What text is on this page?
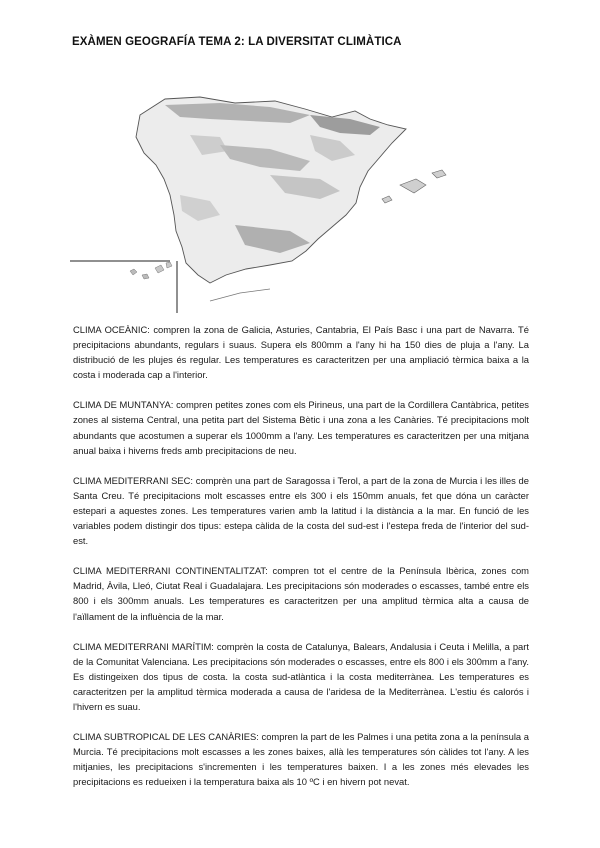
EXÀMEN GEOGRAFÍA TEMA 2: LA DIVERSITAT CLIMÀTICA

CLIMA OCEÀNIC: compren la zona de Galicia, Asturies, Cantabria, El País Basc i una part de Navarra. Té precipitacions abundants, regulars i suaus. Supera els 800mm a l'any hi ha 150 dies de pluja a l'any. La distribució de les plujes és regular. Les temperatures es caracteritzen per una ampliació tèrmica baixa a la costa i moderada cap a l'interior.

CLIMA DE MUNTANYA: compren petites zones com els Pirineus, una part de la Cordillera Cantàbrica, petites zones al sistema Central, una petita part del Sistema Bètic i una zona a les Canàries. Té precipitacions molt abundants que acostumen a superar els 1000mm a l'any. Les temperatures es caracteritzen per una mitjana anual baixa i hiverns freds amb precipitacions de neu.

CLIMA MEDITERRANI SEC: comprèn una part de Saragossa i Terol, a part de la zona de Murcia i les illes de Santa Creu. Té precipitacions molt escasses entre els 300 i els 150mm anuals, fet que dóna un caràcter estepari a aquestes zones. Les temperatures varien amb la latitud i la distància a la mar. En funció de les variables podem distingir dos tipus: estepa càlida de la costa del sud-est i l'estepa freda de l'interior del sud-est.

CLIMA MEDITERRANI CONTINENTALITZAT: compren tot el centre de la Península Ibèrica, zones com Madrid, Àvila, Lleó, Ciutat Real i Guadalajara. Les precipitacions són moderades o escasses, també entre els 800 i els 300mm anuals. Les temperatures es caracteritzen per una amplitud tèrmica alta a causa de l'aïllament de la influència de la mar.

CLIMA MEDITERRANI MARÍTIM: comprèn la costa de Catalunya, Balears, Andalusia i Ceuta i Melilla, a part de la Comunitat Valenciana. Les precipitacions són moderades o escasses, entre els 800 i els 300mm a l'any. Es distingeixen dos tipus de costa. la costa sud-atlàntica i la costa mediterrànea. Les temperatures es caracteritzen per la amplitud tèrmica moderada a causa de l'aridesa de la Mediterrànea. L'estiu és calorós i l'hivern es suau.

CLIMA SUBTROPICAL DE LES CANÀRIES: compren la part de les Palmes i una petita zona a la península a Murcia. Té precipitacions molt escasses a les zones baixes, allà les temperatures són càlides tot l'any. A les mitjanies, les precipitacions s'incrementen i les temperatures baixen. I a les zones més elevades les precipitacions es redueixen i la temperatura baixa als 10 ºC i en hivern pot nevat.
